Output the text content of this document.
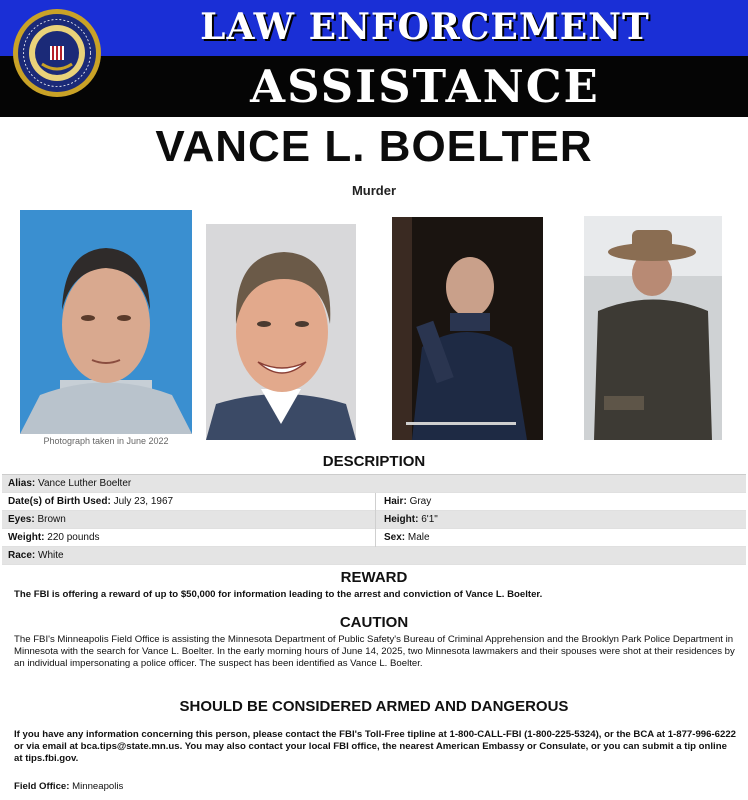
LAW ENFORCEMENT
ASSISTANCE
VANCE L. BOELTER
Murder
Photograph taken in June 2022
DESCRIPTION
Alias: Vance Luther Boelter
Date(s) of Birth Used: July 23, 1967	Hair: Gray
Eyes: Brown	Height: 6'1"
Weight: 220 pounds	Sex: Male
Race: White
REWARD
The FBI is offering a reward of up to $50,000 for information leading to the arrest and conviction of Vance L. Boelter.
CAUTION
The FBI's Minneapolis Field Office is assisting the Minnesota Department of Public Safety's Bureau of Criminal Apprehension and the Brooklyn Park Police Department in Minnesota with the search for Vance L. Boelter. In the early morning hours of June 14, 2025, two Minnesota lawmakers and their spouses were shot at their residences by an individual impersonating a police officer. The suspect has been identified as Vance L. Boelter.
SHOULD BE CONSIDERED ARMED AND DANGEROUS
If you have any information concerning this person, please contact the FBI's Toll-Free tipline at 1-800-CALL-FBI (1-800-225-5324), or the BCA at 1-877-996-6222 or via email at bca.tips@state.mn.us. You may also contact your local FBI office, the nearest American Embassy or Consulate, or you can submit a tip online at tips.fbi.gov.
Field Office: Minneapolis
